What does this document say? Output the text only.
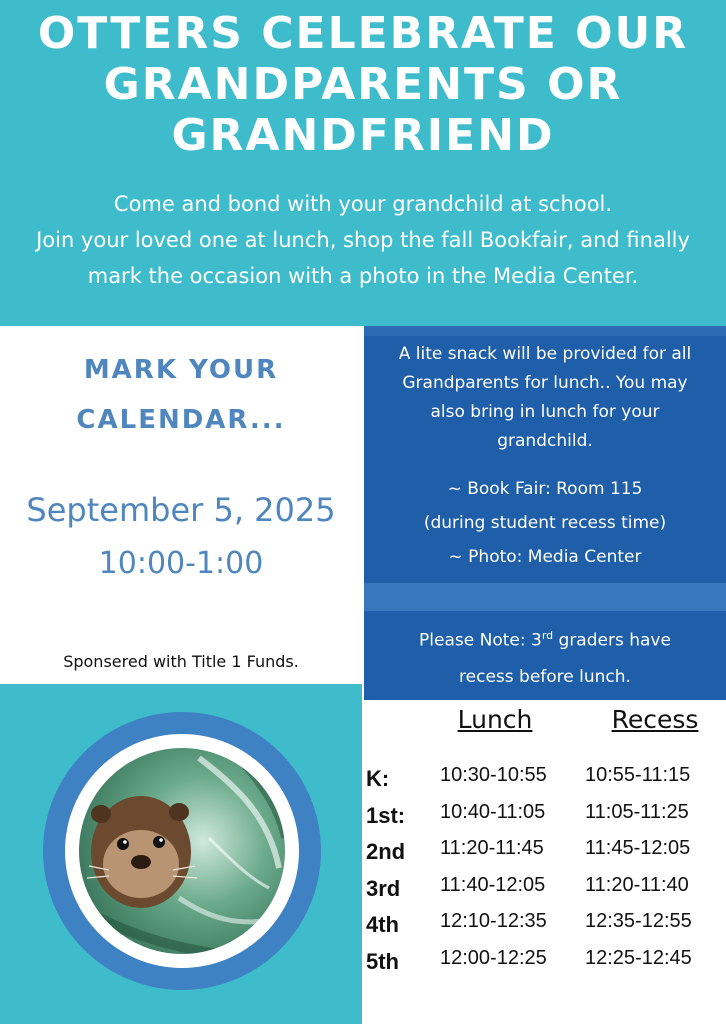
OTTERS CELEBRATE OUR
GRANDPARENTS OR
GRANDFRIEND
Come and bond with your grandchild at school.
Join your loved one at lunch, shop the fall Bookfair, and finally
mark the occasion with a photo in the Media Center.
MARK YOUR
CALENDAR...
September 5, 2025
10:00-1:00
Sponsered with Title 1 Funds.
A lite snack will be provided for all
Grandparents for lunch.. You may
also bring in lunch for your
grandchild.
~ Book Fair: Room 115
(during student recess time)
~ Photo: Media Center
Please Note: 3rd graders have
recess before lunch.
Lunch	Recess
K:	10:30-10:55 10:55-11:15
1st: 10:40-11:05 11:05-11:25
2nd 11:20-11:45 11:45-12:05
3rd 11:40-12:05 11:20-11:40
4th 12:10-12:35 12:35-12:55
5th 12:00-12:25 12:25-12:45
